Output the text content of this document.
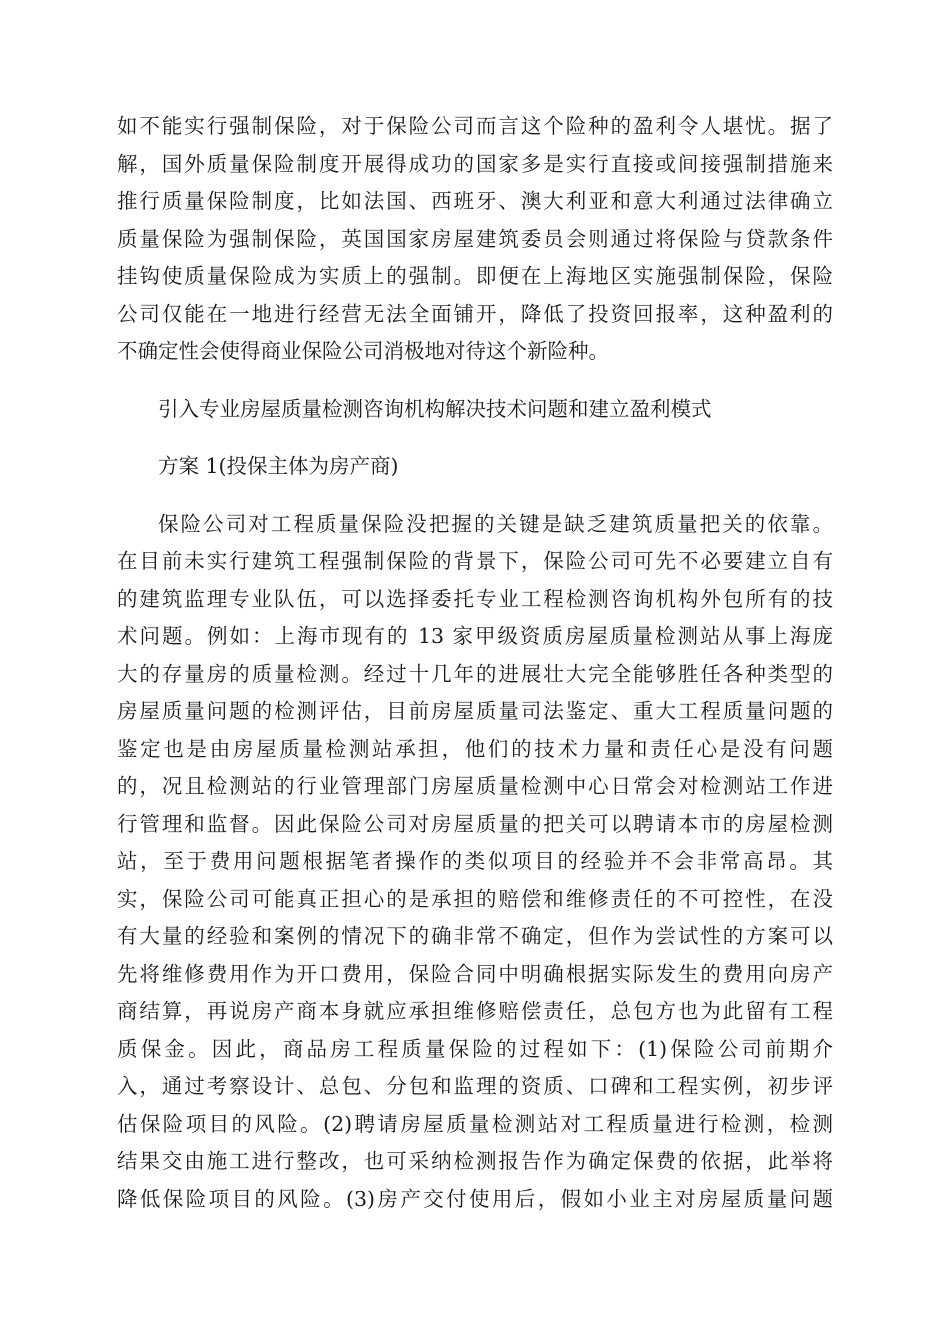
如不能实行强制保险，对于保险公司而言这个险种的盈利令人堪忧。据了
解，国外质量保险制度开展得成功的国家多是实行直接或间接强制措施来
推行质量保险制度，比如法国、西班牙、澳大利亚和意大利通过法律确立
质量保险为强制保险，英国国家房屋建筑委员会则通过将保险与贷款条件
挂钩使质量保险成为实质上的强制。即便在上海地区实施强制保险，保险
公司仅能在一地进行经营无法全面铺开，降低了投资回报率，这种盈利的
不确定性会使得商业保险公司消极地对待这个新险种。
引入专业房屋质量检测咨询机构解决技术问题和建立盈利模式
方案 1(投保主体为房产商)
保险公司对工程质量保险没把握的关键是缺乏建筑质量把关的依靠。
在目前未实行建筑工程强制保险的背景下，保险公司可先不必要建立自有
的建筑监理专业队伍，可以选择委托专业工程检测咨询机构外包所有的技
术问题。例如：上海市现有的 13 家甲级资质房屋质量检测站从事上海庞
大的存量房的质量检测。经过十几年的进展壮大完全能够胜任各种类型的
房屋质量问题的检测评估，目前房屋质量司法鉴定、重大工程质量问题的
鉴定也是由房屋质量检测站承担，他们的技术力量和责任心是没有问题
的，况且检测站的行业管理部门房屋质量检测中心日常会对检测站工作进
行管理和监督。因此保险公司对房屋质量的把关可以聘请本市的房屋检测
站，至于费用问题根据笔者操作的类似项目的经验并不会非常高昂。其
实，保险公司可能真正担心的是承担的赔偿和维修责任的不可控性，在没
有大量的经验和案例的情况下的确非常不确定，但作为尝试性的方案可以
先将维修费用作为开口费用，保险合同中明确根据实际发生的费用向房产
商结算，再说房产商本身就应承担维修赔偿责任，总包方也为此留有工程
质保金。因此，商品房工程质量保险的过程如下：(1)保险公司前期介
入，通过考察设计、总包、分包和监理的资质、口碑和工程实例，初步评
估保险项目的风险。(2)聘请房屋质量检测站对工程质量进行检测，检测
结果交由施工进行整改，也可采纳检测报告作为确定保费的依据，此举将
降低保险项目的风险。(3)房产交付使用后，假如小业主对房屋质量问题
